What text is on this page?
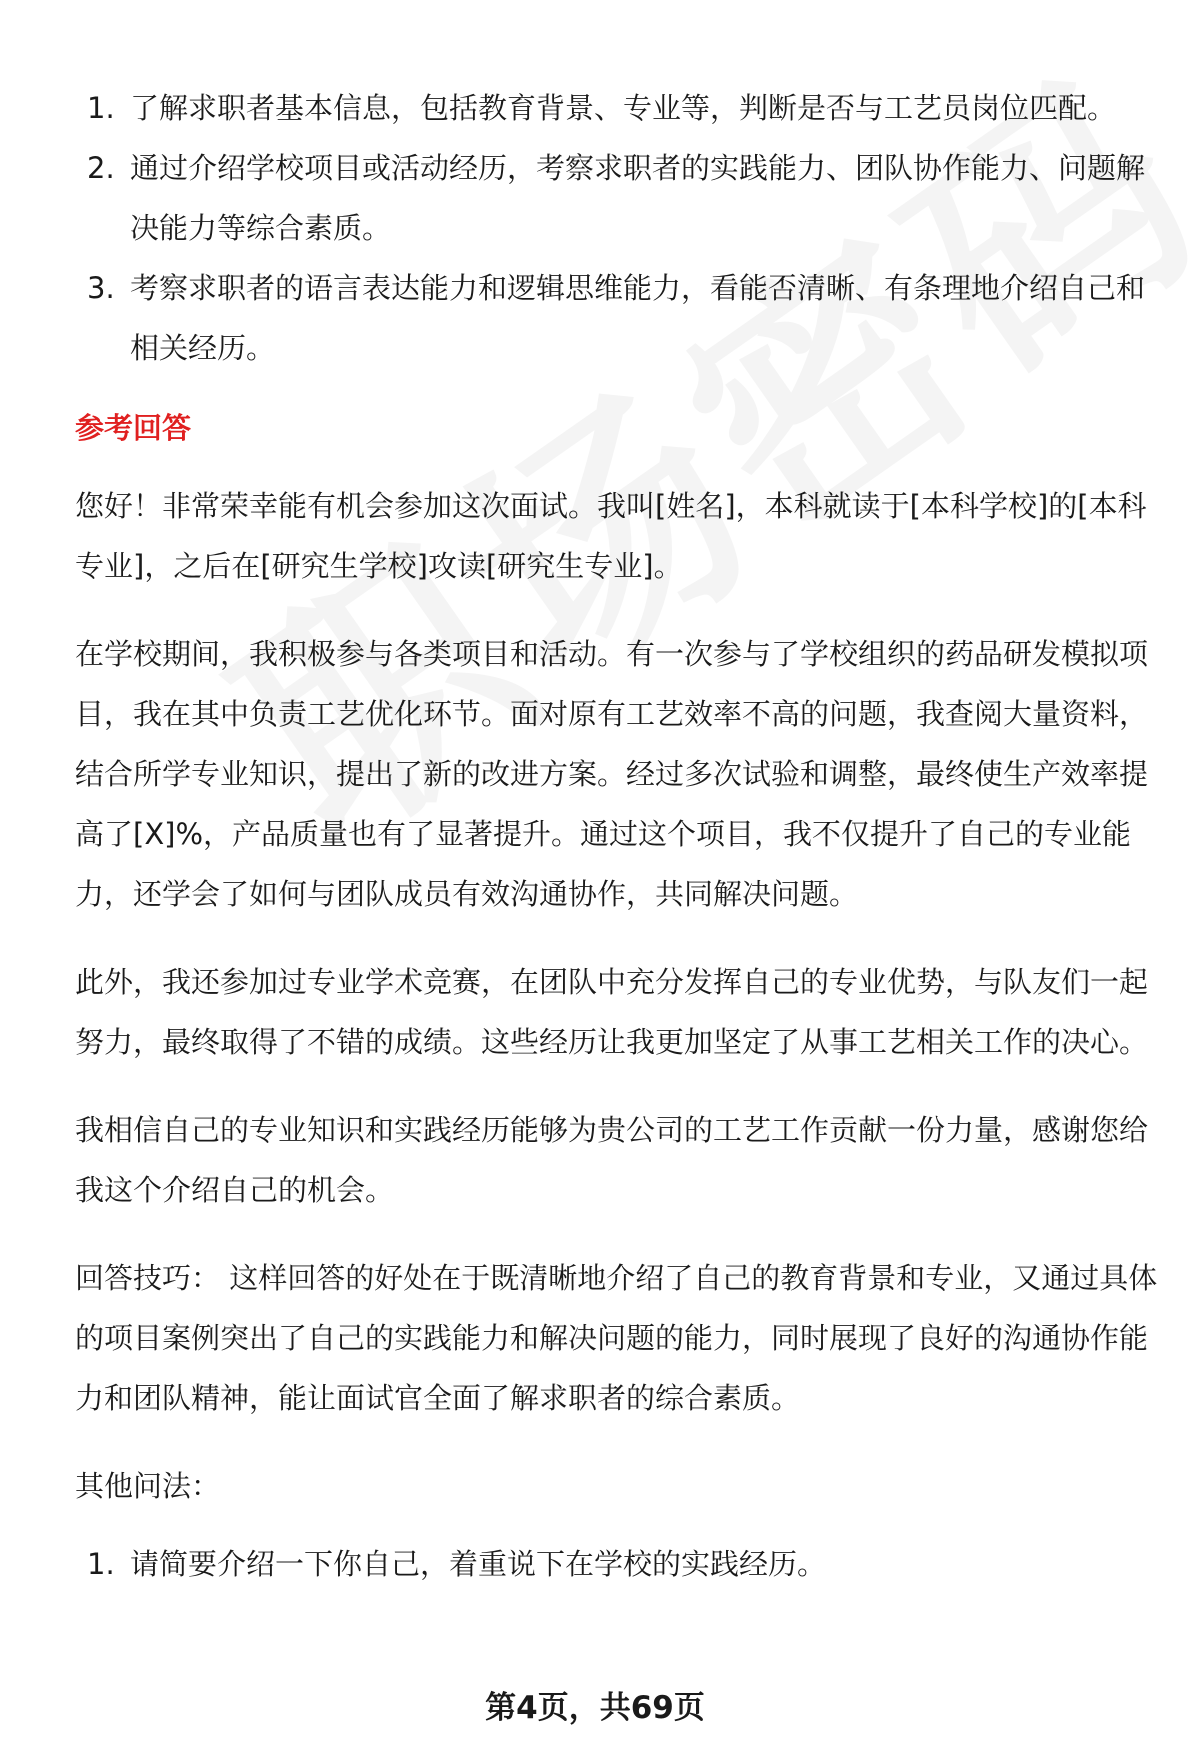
1. 了解求职者基本信息，包括教育背景、专业等，判断是否与工艺员岗位匹配。
2. 通过介绍学校项目或活动经历，考察求职者的实践能力、团队协作能力、问题解决能力等综合素质。
3. 考察求职者的语言表达能力和逻辑思维能力，看能否清晰、有条理地介绍自己和相关经历。
参考回答

您好！非常荣幸能有机会参加这次面试。我叫[姓名]，本科就读于[本科学校]的[本科专业]，之后在[研究生学校]攻读[研究生专业]。

在学校期间，我积极参与各类项目和活动。有一次参与了学校组织的药品研发模拟项目，我在其中负责工艺优化环节。面对原有工艺效率不高的问题，我查阅大量资料，结合所学专业知识，提出了新的改进方案。经过多次试验和调整，最终使生产效率提高了[X]%，产品质量也有了显著提升。通过这个项目，我不仅提升了自己的专业能力，还学会了如何与团队成员有效沟通协作，共同解决问题。

此外，我还参加过专业学术竞赛，在团队中充分发挥自己的专业优势，与队友们一起努力，最终取得了不错的成绩。这些经历让我更加坚定了从事工艺相关工作的决心。

我相信自己的专业知识和实践经历能够为贵公司的工艺工作贡献一份力量，感谢您给我这个介绍自己的机会。

回答技巧： 这样回答的好处在于既清晰地介绍了自己的教育背景和专业，又通过具体的项目案例突出了自己的实践能力和解决问题的能力，同时展现了良好的沟通协作能力和团队精神，能让面试官全面了解求职者的综合素质。

其他问法：

1. 请简要介绍一下你自己，着重说下在学校的实践经历。
第4页，共69页
